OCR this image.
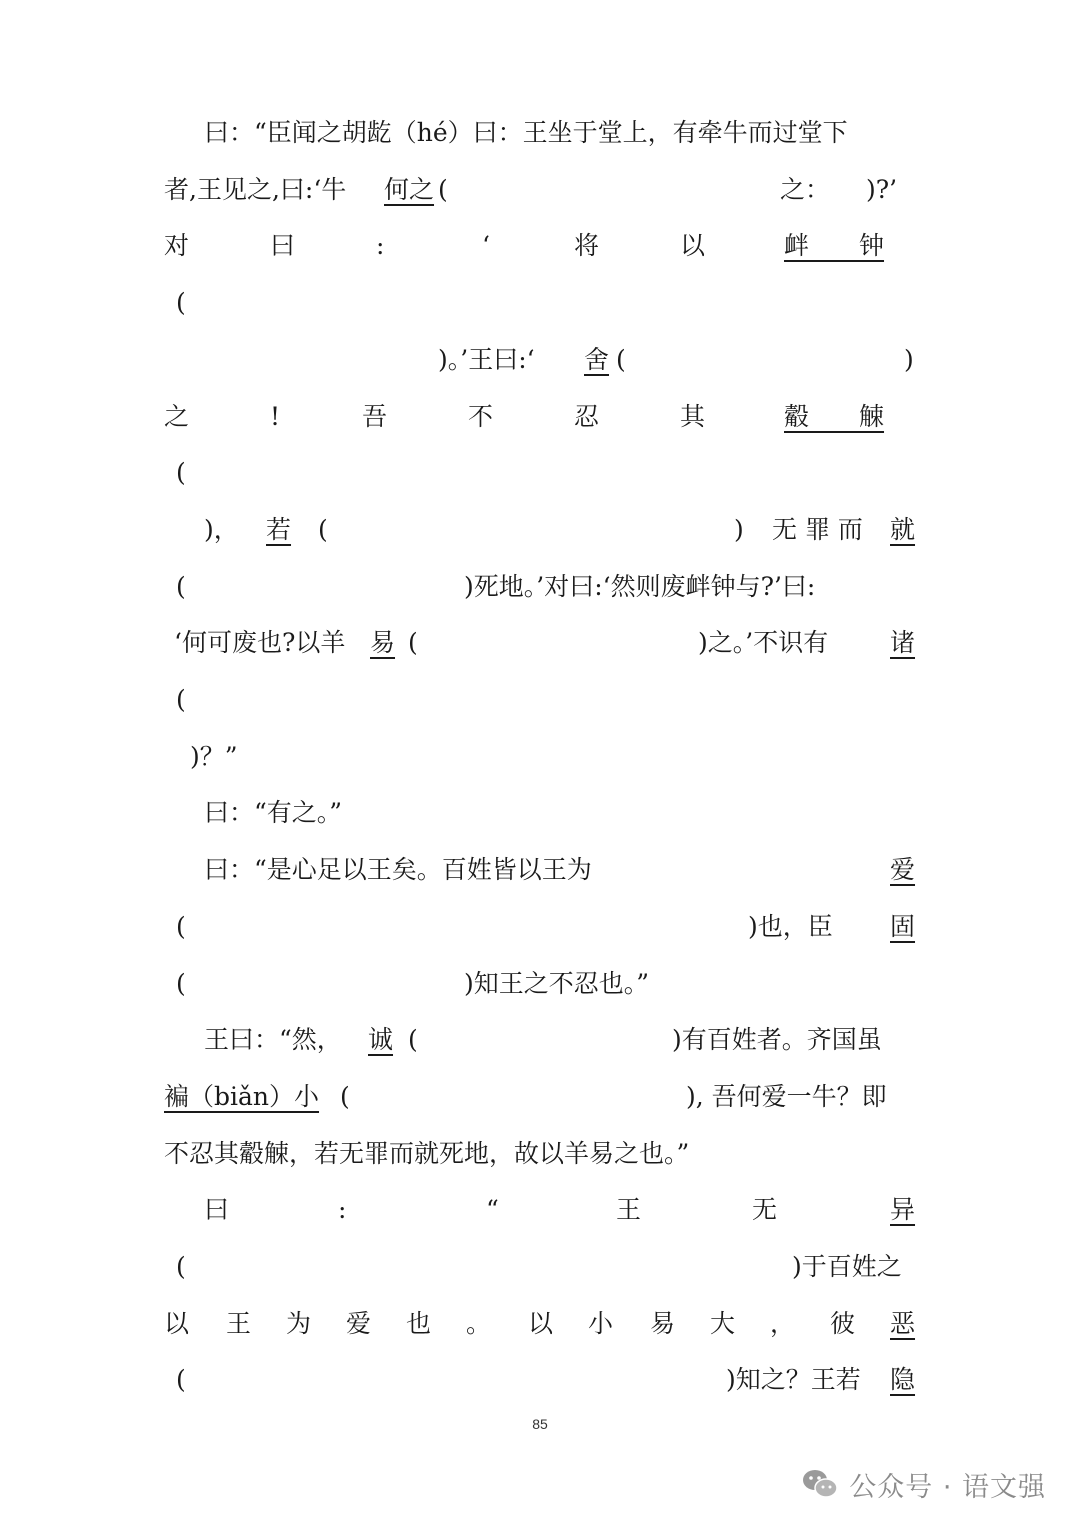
曰：“臣闻之胡龁（hé）曰：王坐于堂上，有牵牛而过堂下
者,王见之,曰:‘牛 何之 (	之： )?’
对	曰	:	‘	将	以	衅　　钟
(
)。’王曰:‘ 舍 (	)
之	!	吾	不	忍	其	觳　　觫
(
)， 若 (	) 无 罪 而 就
(	)死地。’对曰:‘然则废衅钟与?’曰:
‘何可废也?以羊 易 (	)之。’不识有 诸
(
)？”
曰：“有之。”
曰：“是心足以王矣。百姓皆以王为	爱
(	)也，臣 固
(	)知王之不忍也。”
王曰：“然， 诚 (	)有百姓者。齐国虽
褊（biǎn）小 (	), 吾何爱一牛？即
不忍其觳觫，若无罪而就死地，故以羊易之也。”
曰	:	“	王	无	异
(	)于百姓之
以 王 为 爱 也 。 以 小 易 大 ， 彼 恶
(	)知之？王若 隐
85
公众号 · 语文强
